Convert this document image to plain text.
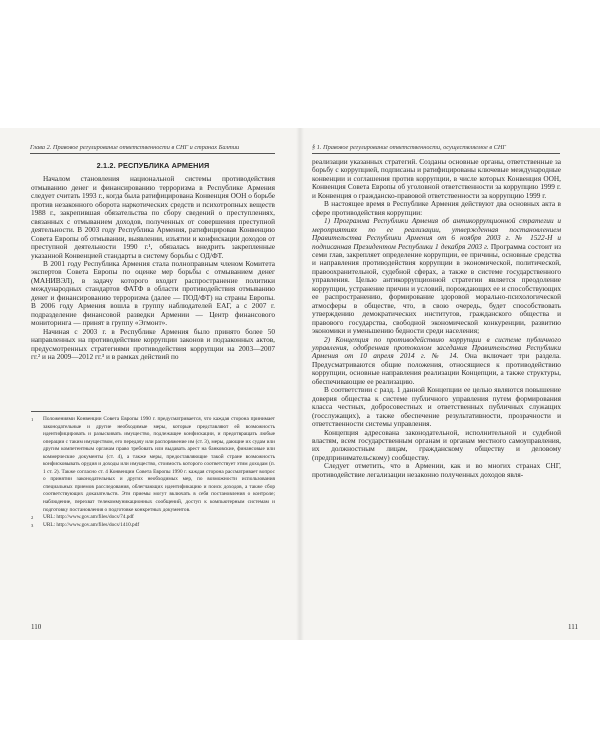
Глава 2. Правовое регулирование ответственности в СНГ и странах Балтии
2.1.2. РЕСПУБЛИКА АРМЕНИЯ

Началом становления национальной системы противодействия отмыванию денег и финансированию терроризма в Республике Армения следует считать 1993 г., когда была ратифицирована Конвенция ООН о борьбе против незаконного оборота наркотических средств и психотропных веществ 1988 г., закрепившая обязательства по сбору сведений о преступлениях, связанных с отмыванием доходов, полученных от совершения преступной деятельности. В 2003 году Республика Армения, ратифицировав Конвенцию Совета Европы об отмывании, выявлении, изъятии и конфискации доходов от преступной деятельности 1990 г.¹, обязалась внедрить закрепленные указанной Конвенцией стандарты в систему борьбы с ОД/ФТ.

В 2001 году Республика Армения стала полноправным членом Комитета экспертов Совета Европы по оценке мер борьбы с отмыванием денег (МАНИВЭЛ), в задачу которого входит распространение политики международных стандартов ФАТФ в области противодействия отмыванию денег и финансированию терроризма (далее — ПОД/ФТ) на страны Европы. В 2006 году Армения вошла в группу наблюдателей ЕАГ, а с 2007 г. подразделение финансовой разведки Армении — Центр финансового мониторинга — принят в группу «Эгмонт».

Начиная с 2003 г. в Республике Армения было принято более 50 направленных на противодействие коррупции законов и подзаконных актов, предусмотренных стратегиями противодействия коррупции на 2003—2007 гг.² и на 2009—2012 гг.³ и в рамках действий по

1	Положениями Конвенции Совета Европы 1990 г. предусматривается, что каждая сторона принимает законодательные и другие необходимые меры, которые представляют ей возможность идентифицировать и разыскивать имущество, подлежащее конфискации, и предотвращать любые операции с таким имуществом, его передачу или распоряжение им (ст. 3), меры, дающие их судам или другим компетентным органам право требовать или выдавать арест на банковские, финансовые или коммерческие документы (ст. 4), а также меры, предоставляющие такой стране возможность конфисковывать орудия и доходы или имущество, стоимость которого соответствует этим доходам (п. 1 ст. 2). Также согласно ст. 4 Конвенции Совета Европы 1990 г. каждая сторона рассматривает вопрос о принятии законодательных и других необходимых мер, по возможности использования специальных приемов расследования, облегчающих идентификацию и поиск доходов, а также сбор соответствующих доказательств. Эти приемы могут включать в себя постановления о контроле; наблюдение, перехват телекоммуникационных сообщений, доступ к компьютерным системам и подготовку постановления о подготовке конкретных документов.
2	URL: http://www.gov.am/files/docs/74.pdf
3	URL: http://www.gov.am/files/docs/1410.pdf
110
§ 1. Правовое регулирование ответственности, осуществляемое в СНГ

реализации указанных стратегий. Созданы основные органы, ответственные за борьбу с коррупцией, подписаны и ратифицированы ключевые международные конвенции и соглашения против коррупции, в числе которых Конвенция ООН, Конвенция Совета Европы об уголовной ответственности за коррупцию 1999 г. и Конвенция о гражданско-правовой ответственности за коррупцию 1999 г.

В настоящее время в Республике Армения действуют два основных акта в сфере противодействия коррупции:

1) Программа Республики Армения об антикоррупционной стратегии и мероприятиях по ее реализации, утвержденная постановлением Правительства Республики Армения от 6 ноября 2003 г. № 1522-Н и подписанная Президентом Республики 1 декабря 2003 г. Программа состоит из семи глав, закрепляет определение коррупции, ее причины, основные средства и направления противодействия коррупции в экономической, политической, правоохранительной, судебной сферах, а также в системе государственного управления. Целью антикоррупционной стратегии является преодоление коррупции, устранение причин и условий, порождающих ее и способствующих ее распространению, формирование здоровой морально-психологической атмосферы в обществе, что, в свою очередь, будет способствовать утверждению демократических институтов, гражданского общества и правового государства, свободной экономической конкуренции, развитию экономики и уменьшению бедности среди населения;

2) Концепция по противодействию коррупции в системе публичного управления, одобренная протоколом заседания Правительства Республики Армения от 10 апреля 2014 г. № 14. Она включает три раздела. Предусматриваются общие положения, относящиеся к противодействию коррупции, основные направления реализации Концепции, а также структуры, обеспечивающие ее реализацию.

В соответствии с разд. 1 данной Концепции ее целью являются повышение доверия общества к системе публичного управления путем формирования класса честных, добросовестных и ответственных публичных служащих (госслужащих), а также обеспечение результативности, прозрачности и ответственности системы управления.

Концепция адресована законодательной, исполнительной и судебной властям, всем государственным органам и органам местного самоуправления, их должностным лицам, гражданскому обществу и деловому (предпринимательскому) сообществу.

Следует отметить, что в Армении, как и во многих странах СНГ, противодействие легализации незаконно полученных доходов явля-

111
